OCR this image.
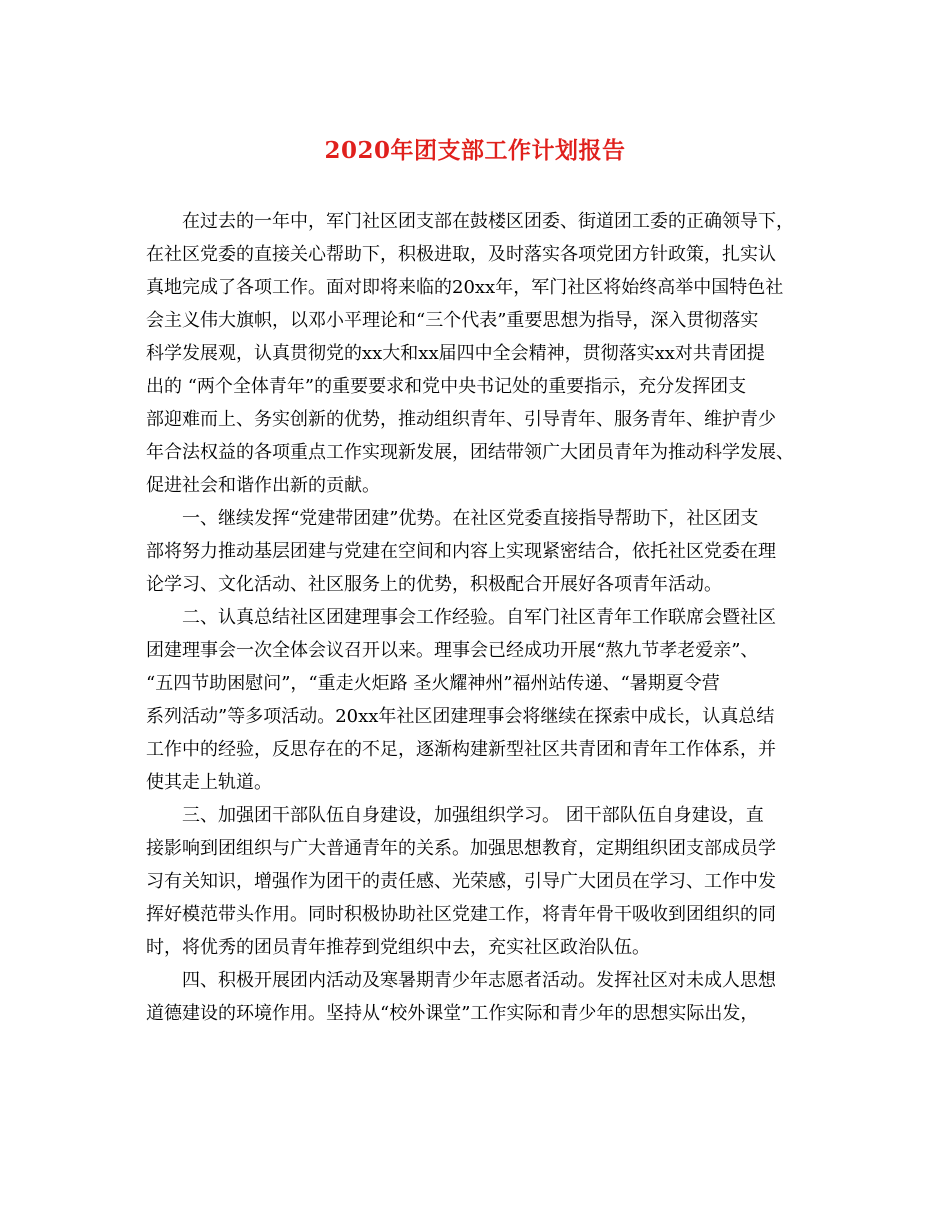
2020年团支部工作计划报告
在过去的一年中，军门社区团支部在鼓楼区团委、街道团工委的正确领导下，
在社区党委的直接关心帮助下，积极进取，及时落实各项党团方针政策，扎实认
真地完成了各项工作。面对即将来临的20xx年，军门社区将始终高举中国特色社
会主义伟大旗帜，以邓小平理论和“三个代表”重要思想为指导，深入贯彻落实
科学发展观，认真贯彻党的xx大和xx届四中全会精神，贯彻落实xx对共青团提
出的 “两个全体青年”的重要要求和党中央书记处的重要指示，充分发挥团支
部迎难而上、务实创新的优势，推动组织青年、引导青年、服务青年、维护青少
年合法权益的各项重点工作实现新发展，团结带领广大团员青年为推动科学发展、
促进社会和谐作出新的贡献。
一、继续发挥“党建带团建”优势。在社区党委直接指导帮助下，社区团支
部将努力推动基层团建与党建在空间和内容上实现紧密结合，依托社区党委在理
论学习、文化活动、社区服务上的优势，积极配合开展好各项青年活动。
二、认真总结社区团建理事会工作经验。自军门社区青年工作联席会暨社区
团建理事会一次全体会议召开以来。理事会已经成功开展“熬九节孝老爱亲”、
“五四节助困慰问”，“重走火炬路 圣火耀神州”福州站传递、“暑期夏令营
系列活动”等多项活动。20xx年社区团建理事会将继续在探索中成长，认真总结
工作中的经验，反思存在的不足，逐渐构建新型社区共青团和青年工作体系，并
使其走上轨道。
三、加强团干部队伍自身建设，加强组织学习。 团干部队伍自身建设，直
接影响到团组织与广大普通青年的关系。加强思想教育，定期组织团支部成员学
习有关知识，增强作为团干的责任感、光荣感，引导广大团员在学习、工作中发
挥好模范带头作用。同时积极协助社区党建工作，将青年骨干吸收到团组织的同
时，将优秀的团员青年推荐到党组织中去，充实社区政治队伍。
四、积极开展团内活动及寒暑期青少年志愿者活动。发挥社区对未成人思想
道德建设的环境作用。坚持从“校外课堂”工作实际和青少年的思想实际出发，
